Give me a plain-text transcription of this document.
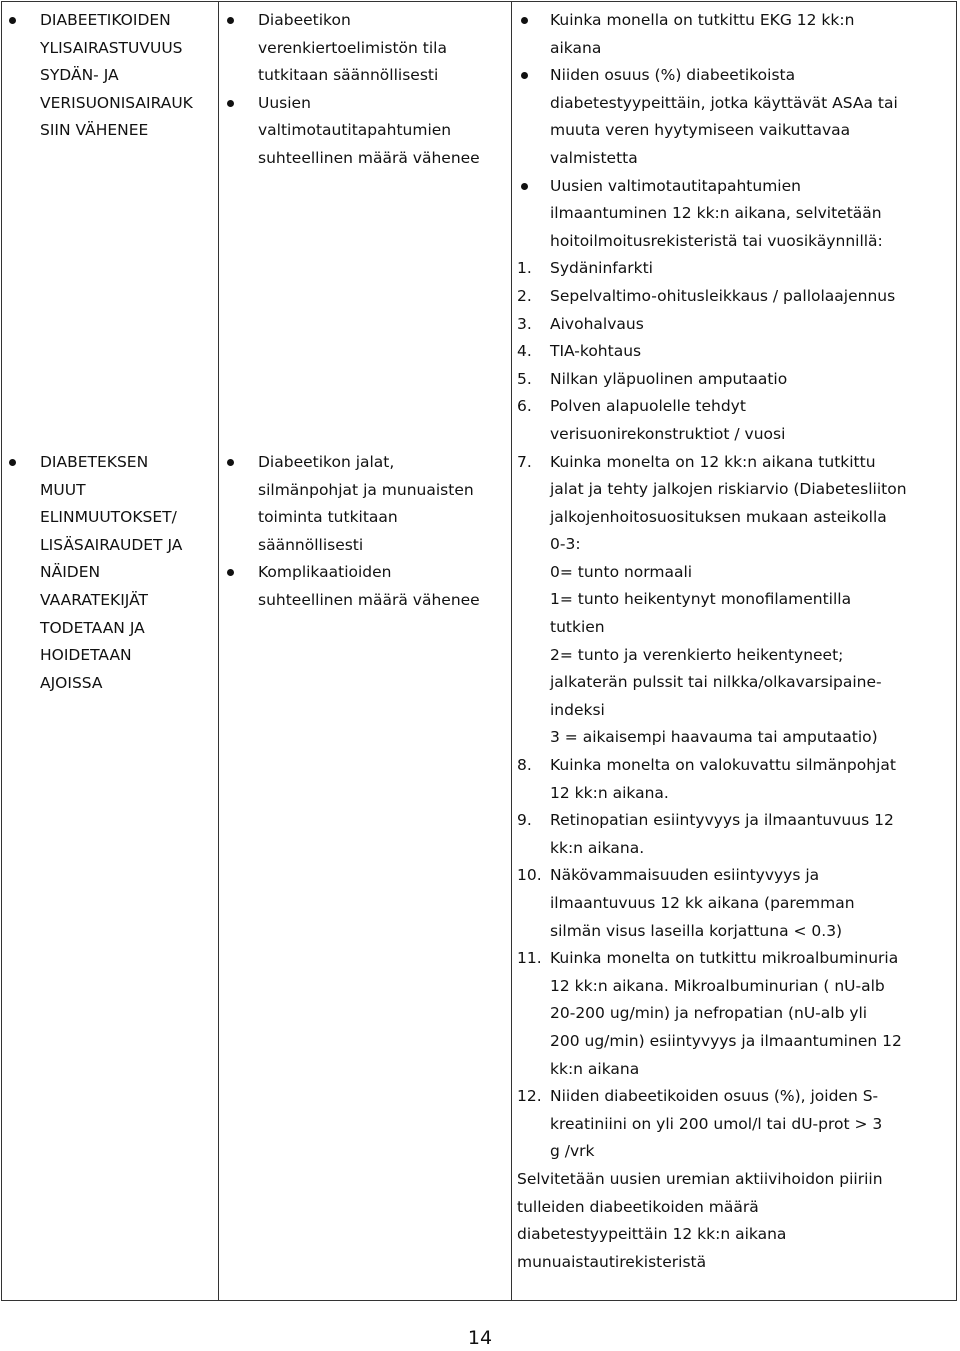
DIABEETIKOIDEN
YLISAIRASTUVUUS
SYDÄN- JA
VERISUONISAIRAUK
SIIN VÄHENEE
DIABETEKSEN
MUUT
ELINMUUTOKSET/
LISÄSAIRAUDET JA
NÄIDEN
VAARATEKIJÄT
TODETAAN JA
HOIDETAAN
AJOISSA
Diabeetikon
verenkiertoelimistön tila
tutkitaan säännöllisesti
Uusien
valtimotautitapahtumien
suhteellinen määrä vähenee
Diabeetikon jalat,
silmänpohjat ja munuaisten
toiminta tutkitaan
säännöllisesti
Komplikaatioiden
suhteellinen määrä vähenee
Kuinka monella on tutkittu EKG 12 kk:n
aikana
Niiden osuus (%) diabeetikoista
diabetestyypeittäin, jotka käyttävät ASAa tai
muuta veren hyytymiseen vaikuttavaa
valmistetta
Uusien valtimotautitapahtumien
ilmaantuminen 12 kk:n aikana, selvitetään
hoitoilmoitusrekisteristä tai vuosikäynnillä:
1. Sydäninfarkti
2. Sepelvaltimo-ohitusleikkaus / pallolaajennus
3. Aivohalvaus
4. TIA-kohtaus
5. Nilkan yläpuolinen amputaatio
6. Polven alapuolelle tehdyt
verisuonirekonstruktiot / vuosi
7. Kuinka monelta on 12 kk:n aikana tutkittu
jalat ja tehty jalkojen riskiarvio (Diabetesliiton
jalkojenhoitosuosituksen mukaan asteikolla
0-3:
0= tunto normaali
1= tunto heikentynyt monofilamentilla
tutkien
2= tunto ja verenkierto heikentyneet;
jalkaterän pulssit tai nilkka/olkavarsipaine-
indeksi
3 = aikaisempi haavauma tai amputaatio)
8. Kuinka monelta on valokuvattu silmänpohjat
12 kk:n aikana.
9. Retinopatian esiintyvyys ja ilmaantuvuus 12
kk:n aikana.
10. Näkövammaisuuden esiintyvyys ja
ilmaantuvuus 12 kk aikana (paremman
silmän visus laseilla korjattuna < 0.3)
11. Kuinka monelta on tutkittu mikroalbuminuria
12 kk:n aikana. Mikroalbuminurian ( nU-alb
20-200 ug/min) ja nefropatian (nU-alb yli
200 ug/min) esiintyvyys ja ilmaantuminen 12
kk:n aikana
12. Niiden diabeetikoiden osuus (%), joiden S-
kreatiniini on yli 200 umol/l tai dU-prot > 3
g /vrk
Selvitetään uusien uremian aktiivihoidon piiriin
tulleiden diabeetikoiden määrä
diabetestyypeittäin 12 kk:n aikana
munuaistautirekisteristä
14
